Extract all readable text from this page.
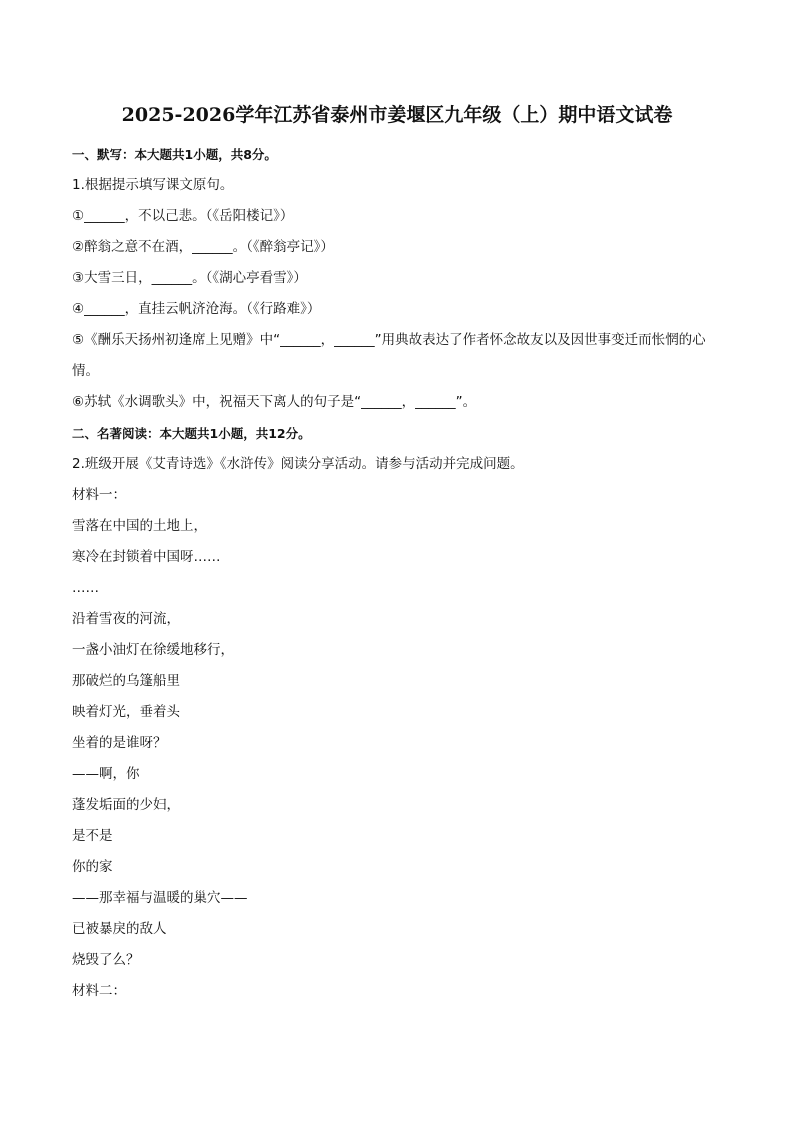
2025-2026学年江苏省泰州市姜堰区九年级（上）期中语文试卷
一、默写：本大题共1小题，共8分。
1.根据提示填写课文原句。
①______，不以己悲。（《岳阳楼记》）
②醉翁之意不在酒，______。（《醉翁亭记》）
③大雪三日，______。（《湖心亭看雪》）
④______，直挂云帆济沧海。（《行路难》）
⑤《酬乐天扬州初逢席上见赠》中“______，______”用典故表达了作者怀念故友以及因世事变迁而怅惘的心情。
⑥苏轼《水调歌头》中，祝福天下离人的句子是“______，______”。
二、名著阅读：本大题共1小题，共12分。
2.班级开展《艾青诗选》《水浒传》阅读分享活动。请参与活动并完成问题。
材料一：
雪落在中国的土地上，
寒冷在封锁着中国呀……
……
沿着雪夜的河流，
一盏小油灯在徐缓地移行，
那破烂的乌篷船里
映着灯光，垂着头
坐着的是谁呀？
——啊，你
蓬发垢面的少妇，
是不是
你的家
——那幸福与温暖的巢穴——
已被暴戾的敌人
烧毁了么？
材料二：
